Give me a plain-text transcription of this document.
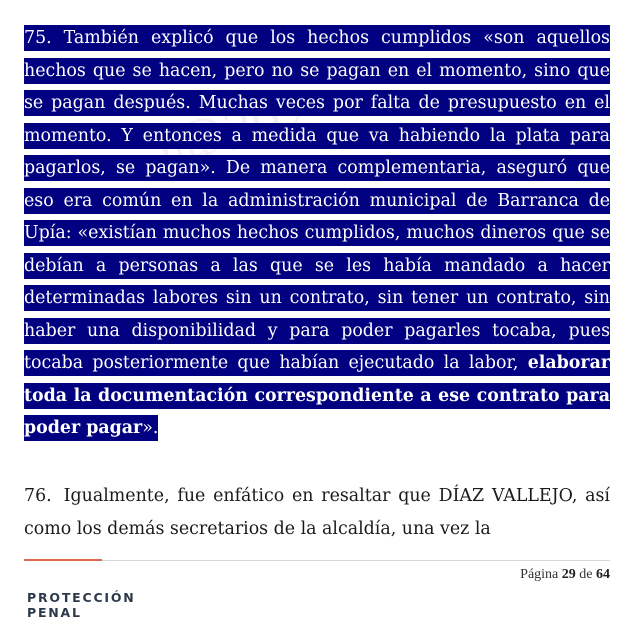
75. También explicó que los hechos cumplidos «son aquellos hechos que se hacen, pero no se pagan en el momento, sino que se pagan después. Muchas veces por falta de presupuesto en el momento. Y entonces a medida que va habiendo la plata para pagarlos, se pagan». De manera complementaria, aseguró que eso era común en la administración municipal de Barranca de Upía: «existían muchos hechos cumplidos, muchos dineros que se debían a personas a las que se les había mandado a hacer determinadas labores sin un contrato, sin tener un contrato, sin haber una disponibilidad y para poder pagarles tocaba, pues tocaba posteriormente que habían ejecutado la labor, elaborar toda la documentación correspondiente a ese contrato para poder pagar».

76. Igualmente, fue enfático en resaltar que DÍAZ VALLEJO, así como los demás secretarios de la alcaldía, una vez la

Página 29 de 64
PROTECCIÓN
PENAL
